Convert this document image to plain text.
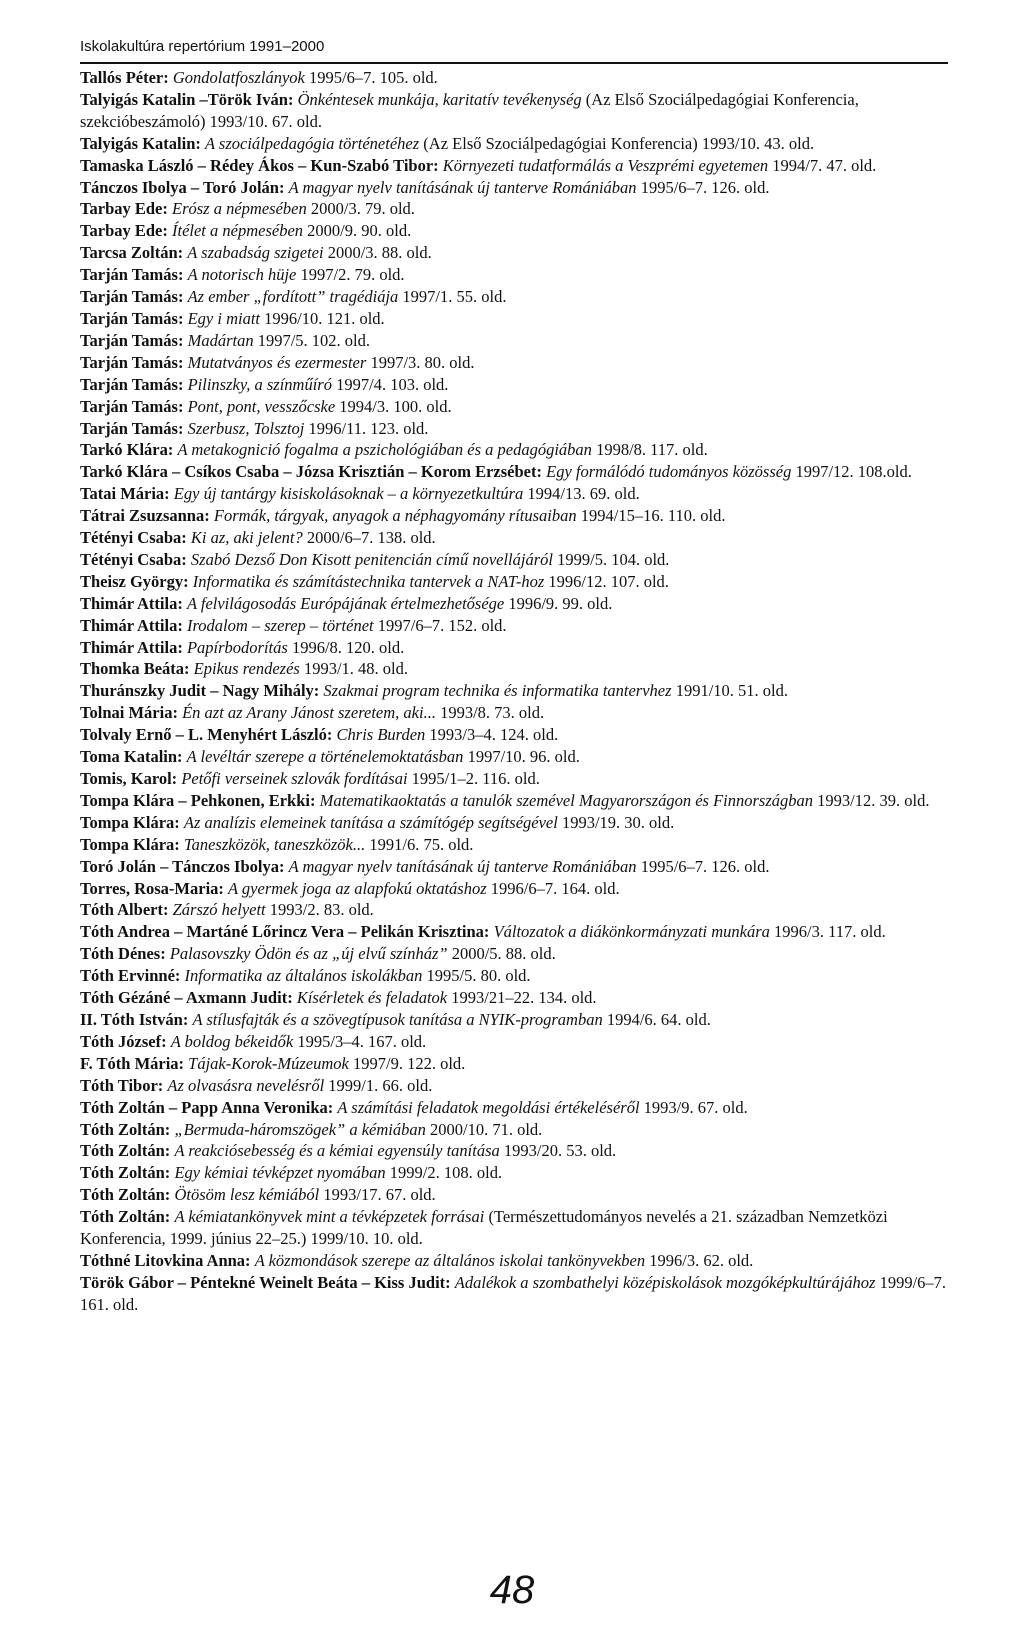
Iskolakultúra repertórium 1991–2000

Tallós Péter: Gondolatfoszlányok 1995/6–7. 105. old.

Talyigás Katalin –Török Iván: Önkéntesek munkája, karitatív tevékenység (Az Első Szociálpedagógiai Konferencia, szekcióbeszámoló) 1993/10. 67. old.

Talyigás Katalin: A szociálpedagógia történetéhez (Az Első Szociálpedagógiai Konferencia) 1993/10. 43. old.

Tamaska László – Rédey Ákos – Kun-Szabó Tibor: Környezeti tudatformálás a Veszprémi egyetemen 1994/7. 47. old.

Tánczos Ibolya – Toró Jolán: A magyar nyelv tanításának új tanterve Romániában 1995/6–7. 126. old.

Tarbay Ede: Erósz a népmesében 2000/3. 79. old.

Tarbay Ede: Ítélet a népmesében 2000/9. 90. old.

Tarcsa Zoltán: A szabadság szigetei 2000/3. 88. old.

Tarján Tamás: A notorisch hüje 1997/2. 79. old.

Tarján Tamás: Az ember „fordított” tragédiája 1997/1. 55. old.

Tarján Tamás: Egy i miatt 1996/10. 121. old.

Tarján Tamás: Madártan 1997/5. 102. old.

Tarján Tamás: Mutatványos és ezermester 1997/3. 80. old.

Tarján Tamás: Pilinszky, a színműíró 1997/4. 103. old.

Tarján Tamás: Pont, pont, vesszőcske 1994/3. 100. old.

Tarján Tamás: Szerbusz, Tolsztoj 1996/11. 123. old.

Tarkó Klára: A metakognició fogalma a pszichológiában és a pedagógiában 1998/8. 117. old.

Tarkó Klára – Csíkos Csaba – Józsa Krisztián – Korom Erzsébet: Egy formálódó tudományos közösség 1997/12. 108.old.

Tatai Mária: Egy új tantárgy kisiskolásoknak – a környezetkultúra 1994/13. 69. old.

Tátrai Zsuzsanna: Formák, tárgyak, anyagok a néphagyomány rítusaiban 1994/15–16. 110. old.

Tétényi Csaba: Ki az, aki jelent? 2000/6–7. 138. old.

Tétényi Csaba: Szabó Dezső Don Kisott penitencián című novellájáról 1999/5. 104. old.

Theisz György: Informatika és számítástechnika tantervek a NAT-hoz 1996/12. 107. old.

Thimár Attila: A felvilágosodás Európájának értelmezhetősége 1996/9. 99. old.

Thimár Attila: Irodalom – szerep – történet 1997/6–7. 152. old.

Thimár Attila: Papírbodorítás 1996/8. 120. old.

Thomka Beáta: Epikus rendezés 1993/1. 48. old.

Thuránszky Judit – Nagy Mihály: Szakmai program technika és informatika tantervhez 1991/10. 51. old.

Tolnai Mária: Én azt az Arany Jánost szeretem, aki... 1993/8. 73. old.

Tolvaly Ernő – L. Menyhért László: Chris Burden 1993/3–4. 124. old.

Toma Katalin: A levéltár szerepe a történelemoktatásban 1997/10. 96. old.

Tomis, Karol: Petőfi verseinek szlovák fordításai 1995/1–2. 116. old.

Tompa Klára – Pehkonen, Erkki: Matematikaoktatás a tanulók szemével Magyarországon és Finnországban 1993/12. 39. old.

Tompa Klára: Az analízis elemeinek tanítása a számítógép segítségével 1993/19. 30. old.

Tompa Klára: Taneszközök, taneszközök... 1991/6. 75. old.

Toró Jolán – Tánczos Ibolya: A magyar nyelv tanításának új tanterve Romániában 1995/6–7. 126. old.

Torres, Rosa-Maria: A gyermek joga az alapfokú oktatáshoz 1996/6–7. 164. old.

Tóth Albert: Zárszó helyett 1993/2. 83. old.

Tóth Andrea – Martáné Lőrincz Vera – Pelikán Krisztina: Változatok a diákönkormányzati munkára 1996/3. 117. old.

Tóth Dénes: Palasovszky Ödön és az „új elvű színház” 2000/5. 88. old.

Tóth Ervinné: Informatika az általános iskolákban 1995/5. 80. old.

Tóth Gézáné – Axmann Judit: Kísérletek és feladatok 1993/21–22. 134. old.

II. Tóth István: A stílusfajták és a szövegtípusok tanítása a NYIK-programban 1994/6. 64. old.

Tóth József: A boldog békeidők 1995/3–4. 167. old.

F. Tóth Mária: Tájak-Korok-Múzeumok 1997/9. 122. old.

Tóth Tibor: Az olvasásra nevelésről 1999/1. 66. old.

Tóth Zoltán – Papp Anna Veronika: A számítási feladatok megoldási értékeléséről 1993/9. 67. old.

Tóth Zoltán: „Bermuda-háromszögek” a kémiában 2000/10. 71. old.

Tóth Zoltán: A reakciósebesség és a kémiai egyensúly tanítása 1993/20. 53. old.

Tóth Zoltán: Egy kémiai tévképzet nyomában 1999/2. 108. old.

Tóth Zoltán: Ötösöm lesz kémiából 1993/17. 67. old.

Tóth Zoltán: A kémiatankönyvek mint a tévképzetek forrásai (Természettudományos nevelés a 21. században Nemzetközi Konferencia, 1999. június 22–25.) 1999/10. 10. old.

Tóthné Litovkina Anna: A közmondások szerepe az általános iskolai tankönyvekben 1996/3. 62. old.

Török Gábor – Péntekné Weinelt Beáta – Kiss Judit: Adalékok a szombathelyi középiskolások mozgóképkultúrájához 1999/6–7. 161. old.

48
